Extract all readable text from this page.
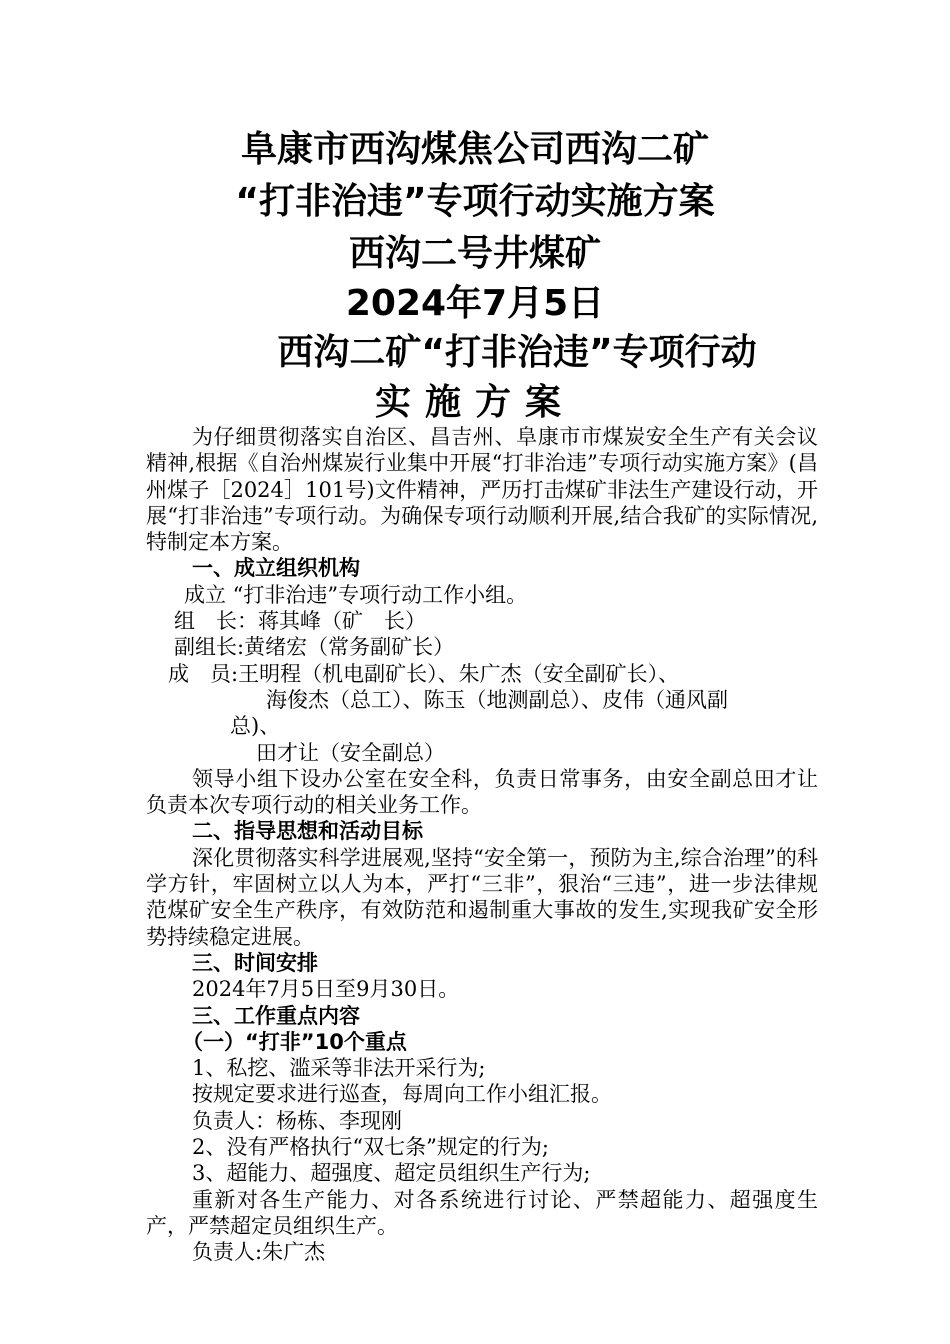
阜康市西沟煤焦公司西沟二矿
“打非治违”专项行动实施方案
西沟二号井煤矿
2024年7月5日
西沟二矿“打非治违”专项行动
实施方案

为仔细贯彻落实自治区、昌吉州、阜康市市煤炭安全生产有关会议精神,根据《自治州煤炭行业集中开展“打非治违”专项行动实施方案》(昌州煤子［2024］101号)文件精神，严历打击煤矿非法生产建设行动，开展“打非治违”专项行动。为确保专项行动顺利开展,结合我矿的实际情况,特制定本方案。

一、成立组织机构

成立 “打非治违”专项行动工作小组。

组　长：蒋其峰（矿　长）

副组长:黄绪宏（常务副矿长）

成　员:王明程（机电副矿长）、朱广杰（安全副矿长）、

海俊杰（总工）、陈玉（地测副总）、皮伟（通风副

总)、

田才让（安全副总）

领导小组下设办公室在安全科，负责日常事务，由安全副总田才让负责本次专项行动的相关业务工作。

二、指导思想和活动目标

深化贯彻落实科学进展观,坚持“安全第一，预防为主,综合治理”的科学方针，牢固树立以人为本，严打“三非”，狠治“三违”，进一步法律规范煤矿安全生产秩序，有效防范和遏制重大事故的发生,实现我矿安全形势持续稳定进展。

三、时间安排

2024年7月5日至9月30日。

三、工作重点内容

（一）“打非”10个重点

1、私挖、滥采等非法开采行为;

按规定要求进行巡查，每周向工作小组汇报。

负责人：杨栋、李现刚

2、没有严格执行“双七条”规定的行为;

3、超能力、超强度、超定员组织生产行为;

重新对各生产能力、对各系统进行讨论、严禁超能力、超强度生产，严禁超定员组织生产。

负责人:朱广杰
